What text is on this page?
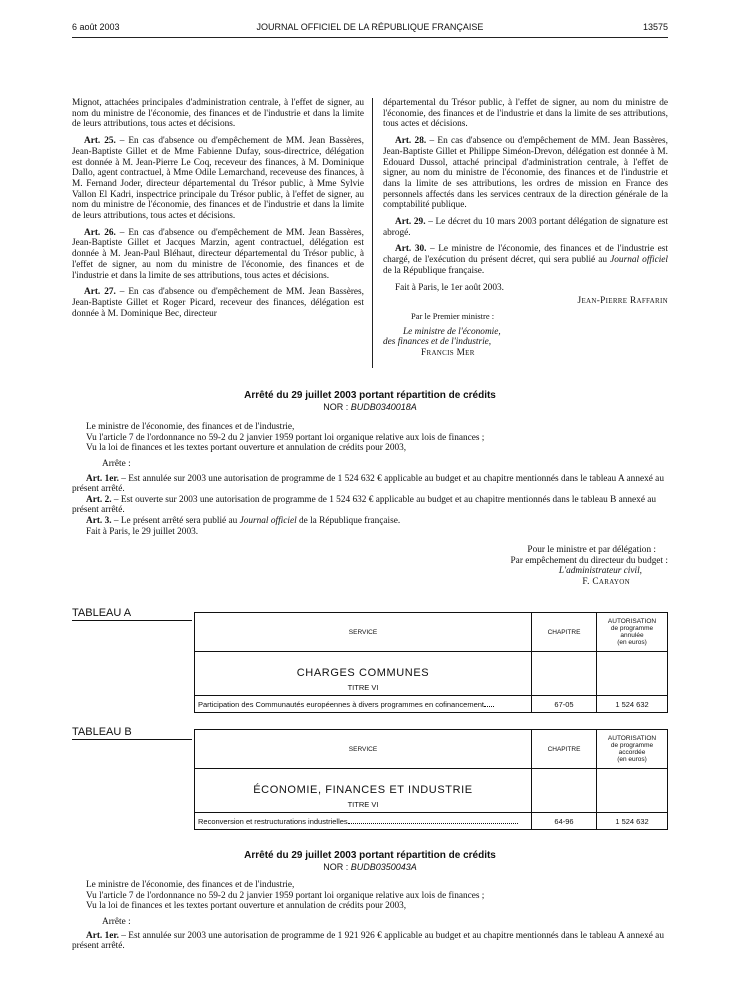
6 août 2003	JOURNAL OFFICIEL DE LA RÉPUBLIQUE FRANÇAISE	13575

Mignot, attachées principales d'administration centrale, à l'effet de signer, au nom du ministre de l'économie, des finances et de l'industrie et dans la limite de leurs attributions, tous actes et décisions.

Art. 25. – En cas d'absence ou d'empêchement de MM. Jean Bassères, Jean-Baptiste Gillet et de Mme Fabienne Dufay, sous-directrice, délégation est donnée à M. Jean-Pierre Le Coq, receveur des finances, à M. Dominique Dallo, agent contractuel, à Mme Odile Lemarchand, receveuse des finances, à M. Fernand Joder, directeur départemental du Trésor public, à Mme Sylvie Vallon El Kadri, inspectrice principale du Trésor public, à l'effet de signer, au nom du ministre de l'économie, des finances et de l'industrie et dans la limite de leurs attributions, tous actes et décisions.

Art. 26. – En cas d'absence ou d'empêchement de MM. Jean Bassères, Jean-Baptiste Gillet et Jacques Marzin, agent contractuel, délégation est donnée à M. Jean-Paul Bléhaut, directeur départemental du Trésor public, à l'effet de signer, au nom du ministre de l'économie, des finances et de l'industrie et dans la limite de ses attributions, tous actes et décisions.

Art. 27. – En cas d'absence ou d'empêchement de MM. Jean Bassères, Jean-Baptiste Gillet et Roger Picard, receveur des finances, délégation est donnée à M. Dominique Bec, directeur

départemental du Trésor public, à l'effet de signer, au nom du ministre de l'économie, des finances et de l'industrie et dans la limite de ses attributions, tous actes et décisions.

Art. 28. – En cas d'absence ou d'empêchement de MM. Jean Bassères, Jean-Baptiste Gillet et Philippe Siméon-Drevon, délégation est donnée à M. Edouard Dussol, attaché principal d'administration centrale, à l'effet de signer, au nom du ministre de l'économie, des finances et de l'industrie et dans la limite de ses attributions, les ordres de mission en France des personnels affectés dans les services centraux de la direction générale de la comptabilité publique.

Art. 29. – Le décret du 10 mars 2003 portant délégation de signature est abrogé.

Art. 30. – Le ministre de l'économie, des finances et de l'industrie est chargé, de l'exécution du présent décret, qui sera publié au Journal officiel de la République française.

Fait à Paris, le 1er août 2003.

Jean-Pierre Raffarin
Par le Premier ministre :
Le ministre de l'économie,
des finances et de l'industrie,
Francis Mer
Arrêté du 29 juillet 2003 portant répartition de crédits
NOR : BUDB0340018A

Le ministre de l'économie, des finances et de l'industrie,

Vu l'article 7 de l'ordonnance no 59-2 du 2 janvier 1959 portant loi organique relative aux lois de finances ;

Vu la loi de finances et les textes portant ouverture et annulation de crédits pour 2003,

Arrête :

Art. 1er. – Est annulée sur 2003 une autorisation de programme de 1 524 632 € applicable au budget et au chapitre mentionnés dans le tableau A annexé au présent arrêté.

Art. 2. – Est ouverte sur 2003 une autorisation de programme de 1 524 632 € applicable au budget et au chapitre mentionnés dans le tableau B annexé au présent arrêté.

Art. 3. – Le présent arrêté sera publié au Journal officiel de la République française.

Fait à Paris, le 29 juillet 2003.

Pour le ministre et par délégation :
Par empêchement du directeur du budget :
L'administrateur civil,
F. Carayon
TABLEAU A
SERVICE	CHAPITRE	AUTORISATION
de programme
annulée
(en euros)

CHARGES COMMUNES
TITRE VI		

Participation des Communautés européennes à divers programmes en cofinancement	67-05	1 524 632
TABLEAU B
SERVICE	CHAPITRE	AUTORISATION
de programme
accordée
(en euros)

ÉCONOMIE, FINANCES ET INDUSTRIE
TITRE VI		

Reconversion et restructurations industrielles	64-96	1 524 632
Arrêté du 29 juillet 2003 portant répartition de crédits
NOR : BUDB0350043A

Le ministre de l'économie, des finances et de l'industrie,

Vu l'article 7 de l'ordonnance no 59-2 du 2 janvier 1959 portant loi organique relative aux lois de finances ;

Vu la loi de finances et les textes portant ouverture et annulation de crédits pour 2003,

Arrête :

Art. 1er. – Est annulée sur 2003 une autorisation de programme de 1 921 926 € applicable au budget et au chapitre mentionnés dans le tableau A annexé au présent arrêté.
